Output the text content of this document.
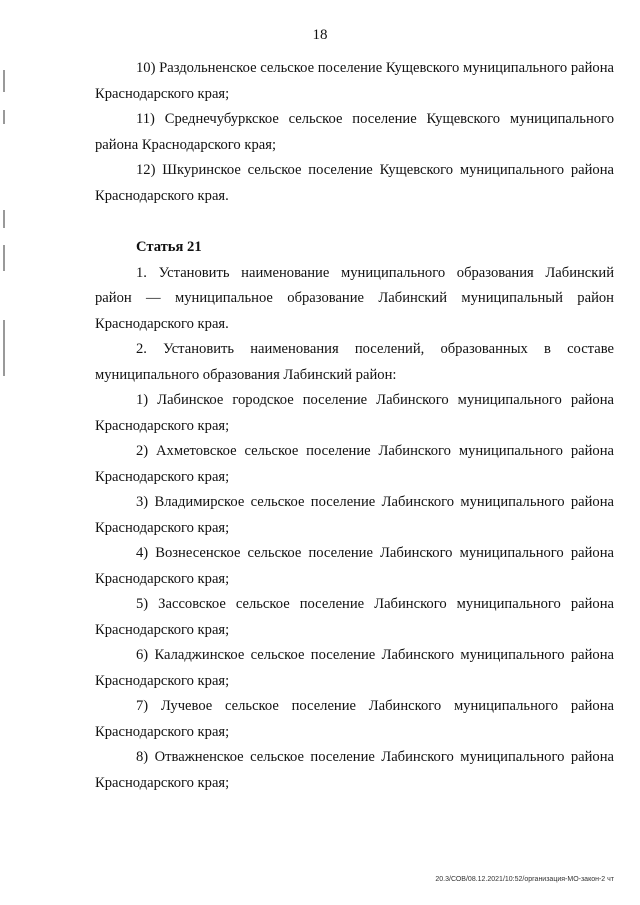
18

10) Раздольненское сельское поселение Кущевского муниципального района Краснодарского края;

11) Среднечубуркское сельское поселение Кущевского муниципального района Краснодарского края;

12) Шкуринское сельское поселение Кущевского муниципального района Краснодарского края.

Статья 21

1. Установить наименование муниципального образования Лабинский район — муниципальное образование Лабинский муниципальный район Краснодарского края.

2. Установить наименования поселений, образованных в составе муниципального образования Лабинский район:

1) Лабинское городское поселение Лабинского муниципального района Краснодарского края;

2) Ахметовское сельское поселение Лабинского муниципального района Краснодарского края;

3) Владимирское сельское поселение Лабинского муниципального района Краснодарского края;

4) Вознесенское сельское поселение Лабинского муниципального района Краснодарского края;

5) Зассовское сельское поселение Лабинского муниципального района Краснодарского края;

6) Каладжинское сельское поселение Лабинского муниципального района Краснодарского края;

7) Лучевое сельское поселение Лабинского муниципального района Краснодарского края;

8) Отважненское сельское поселение Лабинского муниципального района Краснодарского края;

20.3/СОВ/08.12.2021/10:52/организация-МО-закон-2 чт
